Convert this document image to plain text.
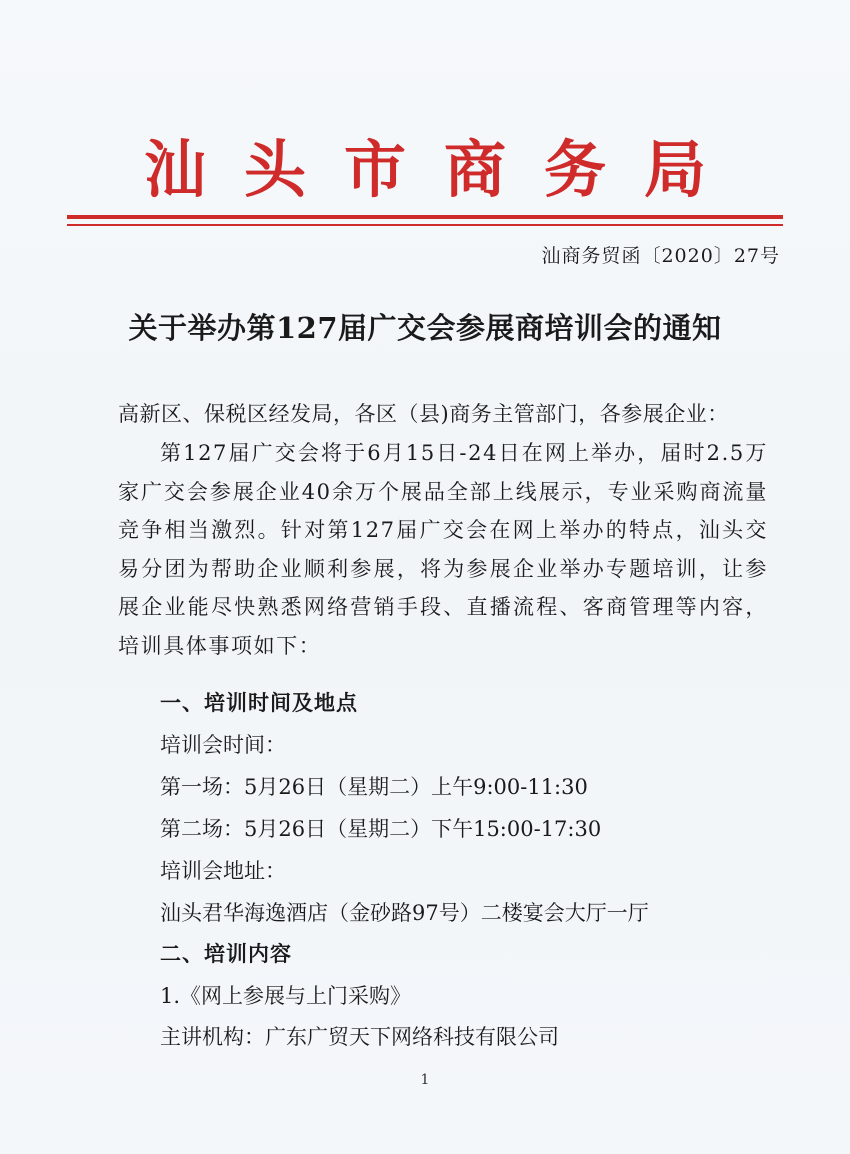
汕头市商务局
汕商务贸函〔2020〕27号
关于举办第127届广交会参展商培训会的通知
高新区、保税区经发局，各区（县)商务主管部门，各参展企业：
第127届广交会将于6月15日-24日在网上举办，届时2.5万家广交会参展企业40余万个展品全部上线展示，专业采购商流量竞争相当激烈。针对第127届广交会在网上举办的特点，汕头交易分团为帮助企业顺利参展，将为参展企业举办专题培训，让参展企业能尽快熟悉网络营销手段、直播流程、客商管理等内容，培训具体事项如下：
一、培训时间及地点
培训会时间：
第一场：5月26日（星期二）上午9:00-11:30
第二场：5月26日（星期二）下午15:00-17:30
培训会地址：
汕头君华海逸酒店（金砂路97号）二楼宴会大厅一厅
二、培训内容
1.《网上参展与上门采购》
主讲机构：广东广贸天下网络科技有限公司
1
